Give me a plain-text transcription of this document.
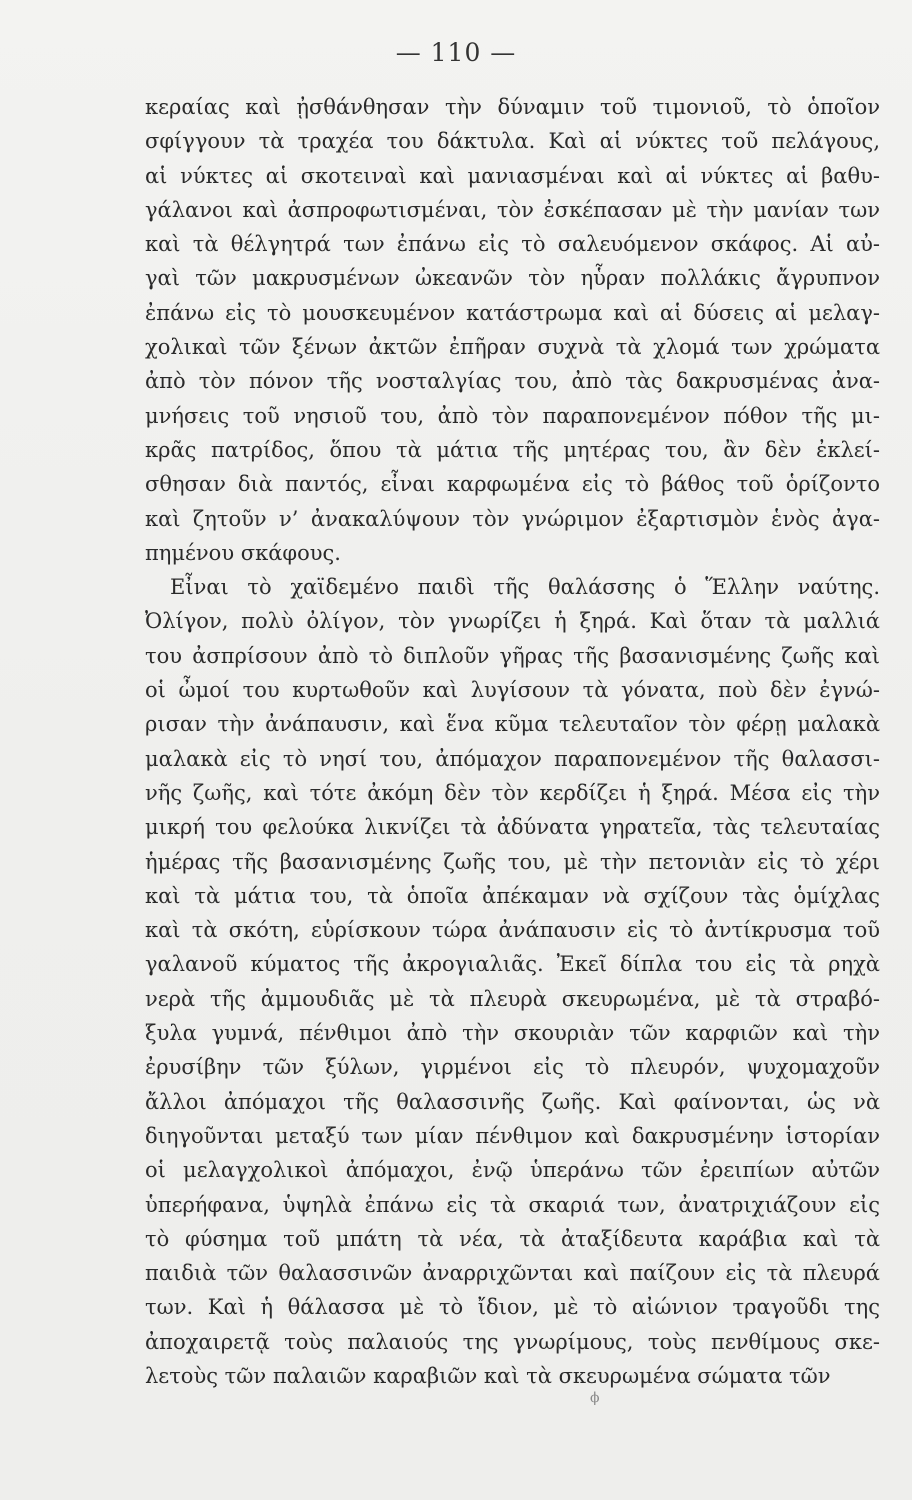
— 110 —
κεραίας καὶ ᾐσθάνθησαν τὴν δύναμιν τοῦ τιμονιοῦ, τὸ ὁποῖον
σφίγγουν τὰ τραχέα του δάκτυλα. Καὶ αἱ νύκτες τοῦ πελάγους,
αἱ νύκτες αἱ σκοτειναὶ καὶ μανιασμέναι καὶ αἱ νύκτες αἱ βαθυ-
γάλανοι καὶ ἀσπροφωτισμέναι, τὸν ἐσκέπασαν μὲ τὴν μανίαν των
καὶ τὰ θέλγητρά των ἐπάνω εἰς τὸ σαλευόμενον σκάφος. Αἱ αὐ-
γαὶ τῶν μακρυσμένων ὠκεανῶν τὸν ηὗραν πολλάκις ἄγρυπνον
ἐπάνω εἰς τὸ μουσκευμένον κατάστρωμα καὶ αἱ δύσεις αἱ μελαγ-
χολικαὶ τῶν ξένων ἀκτῶν ἐπῆραν συχνὰ τὰ χλομά των χρώματα
ἀπὸ τὸν πόνον τῆς νοσταλγίας του, ἀπὸ τὰς δακρυσμένας ἀνα-
μνήσεις τοῦ νησιοῦ του, ἀπὸ τὸν παραπονεμένον πόθον τῆς μι-
κρᾶς πατρίδος, ὅπου τὰ μάτια τῆς μητέρας του, ἂν δὲν ἐκλεί-
σθησαν διὰ παντός, εἶναι καρφωμένα εἰς τὸ βάθος τοῦ ὁρίζοντο
καὶ ζητοῦν ν’ ἀνακαλύψουν τὸν γνώριμον ἐξαρτισμὸν ἑνὸς ἀγα-
πημένου σκάφους.
Εἶναι τὸ χαϊδεμένο παιδὶ τῆς θαλάσσης ὁ Ἕλλην ναύτης.
Ὀλίγον, πολὺ ὀλίγον, τὸν γνωρίζει ἡ ξηρά. Καὶ ὅταν τὰ μαλλιά
του ἀσπρίσουν ἀπὸ τὸ διπλοῦν γῆρας τῆς βασανισμένης ζωῆς καὶ
οἱ ὦμοί του κυρτωθοῦν καὶ λυγίσουν τὰ γόνατα, ποὺ δὲν ἐγνώ-
ρισαν τὴν ἀνάπαυσιν, καὶ ἕνα κῦμα τελευταῖον τὸν φέρῃ μαλακὰ
μαλακὰ εἰς τὸ νησί του, ἀπόμαχον παραπονεμένον τῆς θαλασσι-
νῆς ζωῆς, καὶ τότε ἀκόμη δὲν τὸν κερδίζει ἡ ξηρά. Μέσα εἰς τὴν
μικρή του φελούκα λικνίζει τὰ ἀδύνατα γηρατεῖα, τὰς τελευταίας
ἡμέρας τῆς βασανισμένης ζωῆς του, μὲ τὴν πετονιὰν εἰς τὸ χέρι
καὶ τὰ μάτια του, τὰ ὁποῖα ἀπέκαμαν νὰ σχίζουν τὰς ὁμίχλας
καὶ τὰ σκότη, εὑρίσκουν τώρα ἀνάπαυσιν εἰς τὸ ἀντίκρυσμα τοῦ
γαλανοῦ κύματος τῆς ἀκρογιαλιᾶς. Ἐκεῖ δίπλα του εἰς τὰ ρηχὰ
νερὰ τῆς ἀμμουδιᾶς μὲ τὰ πλευρὰ σκευρωμένα, μὲ τὰ στραβό-
ξυλα γυμνά, πένθιμοι ἀπὸ τὴν σκουριὰν τῶν καρφιῶν καὶ τὴν
ἐρυσίβην τῶν ξύλων, γιρμένοι εἰς τὸ πλευρόν, ψυχομαχοῦν
ἄλλοι ἀπόμαχοι τῆς θαλασσινῆς ζωῆς. Καὶ φαίνονται, ὡς νὰ
διηγοῦνται μεταξύ των μίαν πένθιμον καὶ δακρυσμένην ἱστορίαν
οἱ μελαγχολικοὶ ἀπόμαχοι, ἐνῷ ὑπεράνω τῶν ἐρειπίων αὐτῶν
ὑπερήφανα, ὑψηλὰ ἐπάνω εἰς τὰ σκαριά των, ἀνατριχιάζουν εἰς
τὸ φύσημα τοῦ μπάτη τὰ νέα, τὰ ἀταξίδευτα καράβια καὶ τὰ
παιδιὰ τῶν θαλασσινῶν ἀναρριχῶνται καὶ παίζουν εἰς τὰ πλευρά
των. Καὶ ἡ θάλασσα μὲ τὸ ἴδιον, μὲ τὸ αἰώνιον τραγοῦδι της
ἀποχαιρετᾷ τοὺς παλαιούς της γνωρίμους, τοὺς πενθίμους σκε-
λετοὺς τῶν παλαιῶν καραβιῶν καὶ τὰ σκευρωμένα σώματα τῶν
ϕ
